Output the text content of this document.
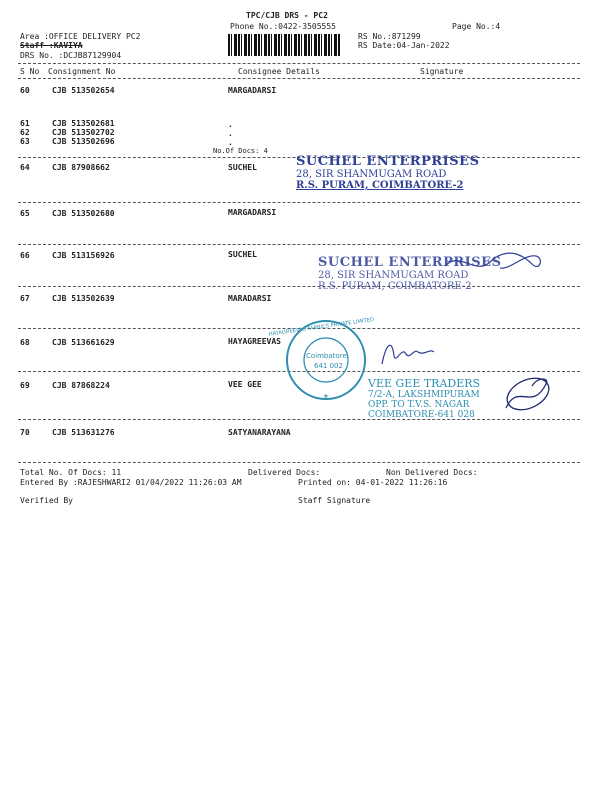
TPC/CJB DRS - PC2
Phone No.:0422-3505555	Page No.:4
Area :OFFICE DELIVERY PC2
Staff :KAVIYA
DRS No. :DCJB87129904
RS No.:871299
RS Date:04-Jan-2022
S No Consignment No	Consignee Details	Signature
60	CJB 513502654	MARGADARSI
61	CJB 513502681	.
62	CJB 513502702	.
63	CJB 513502696	.
No.Of Docs: 4
64	CJB 87908662	SUCHEL
65	CJB 513502680	MARGADARSI
66	CJB 513156926	SUCHEL
67	CJB 513502639	MARADARSI
68	CJB 513661629	HAYAGREEVAS
69	CJB 87868224	VEE GEE
70	CJB 513631276	SATYANARAYANA
SUCHEL ENTERPRISES
28, SIR SHANMUGAM ROAD
R.S. PURAM, COIMBATORE-2
SUCHEL ENTERPRISES
28, SIR SHANMUGAM ROAD
R.S. PURAM, COIMBATORE-2
HAYAGREEVAS FABRICS PRIVATE LIMITED
★
Coimbatore
641 002
VEE GEE TRADERS
7/2-A, LAKSHMIPURAM
OPP. TO T.V.S. NAGAR
COIMBATORE-641 028
Total No. Of Docs: 11	Delivered Docs:	Non Delivered Docs:
Entered By :RAJESHWARI2 01/04/2022 11:26:03 AM	Printed on: 04-01-2022 11:26:16
Verified By	Staff Signature
